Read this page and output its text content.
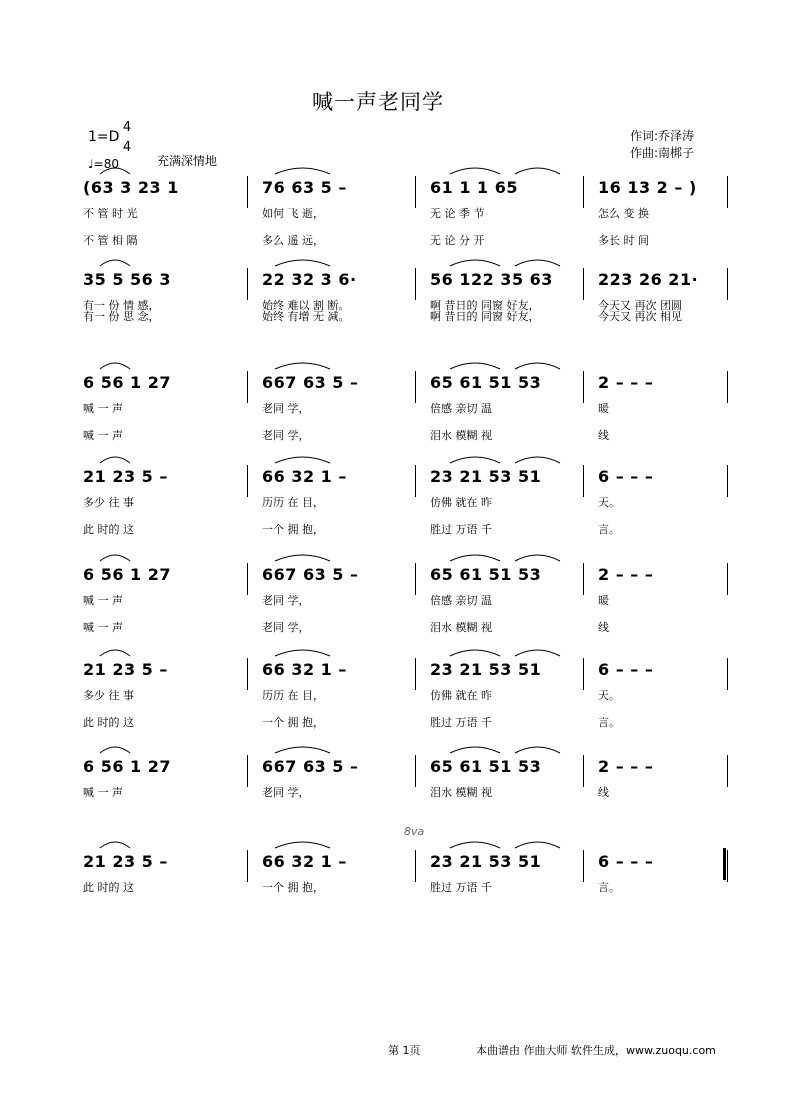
喊一声老同学
1=D
4
4
♩=80	充满深情地
作词:乔泽涛
作曲:南梆子
(63 3 23 1	76 63 5 –	61 1 1 65	16 13 2 – )
不 管 时 光	如何 飞 逝，	无 论 季 节	怎么 变 换
不 管 相 隔	多么 遥 远，	无 论 分 开	多长 时 间
35 5 56 3	22 32 3 6·	56 122 35 63	223 26 21·
有一 份 情 感，	始终 难以 割 断。	啊 昔日的 同窗 好友，	今天又 再次 团圆
有一 份 思 念，	始终 有增 无 减。	啊 昔日的 同窗 好友，	今天又 再次 相见
6 56 1 27	667 63 5 –	65 61 51 53	2 – – –
喊 一 声	老同 学，	倍感 亲切 温	暖
喊 一 声	老同 学，	泪水 模糊 视	线
21 23 5 –	66 32 1 –	23 21 53 51	6 – – –
多少 往 事	历历 在 目，	仿佛 就在 昨	天。
此 时的 这	一个 拥 抱，	胜过 万语 千	言。
6 56 1 27	667 63 5 –	65 61 51 53	2 – – –
喊 一 声	老同 学，	倍感 亲切 温	暖
喊 一 声	老同 学，	泪水 模糊 视	线
21 23 5 –	66 32 1 –	23 21 53 51	6 – – –
多少 往 事	历历 在 目，	仿佛 就在 昨	天。
此 时的 这	一个 拥 抱，	胜过 万语 千	言。
6 56 1 27	667 63 5 –	65 61 51 53	2 – – –
喊 一 声	老同 学，	泪水 模糊 视	线
21 23 5 –	66 32 1 –	23 21 53 51	6 – – –
此 时的 这	一个 拥 抱，	胜过 万语 千	言。
8va
第 1页	本曲谱由 作曲大师 软件生成，www.zuoqu.com
